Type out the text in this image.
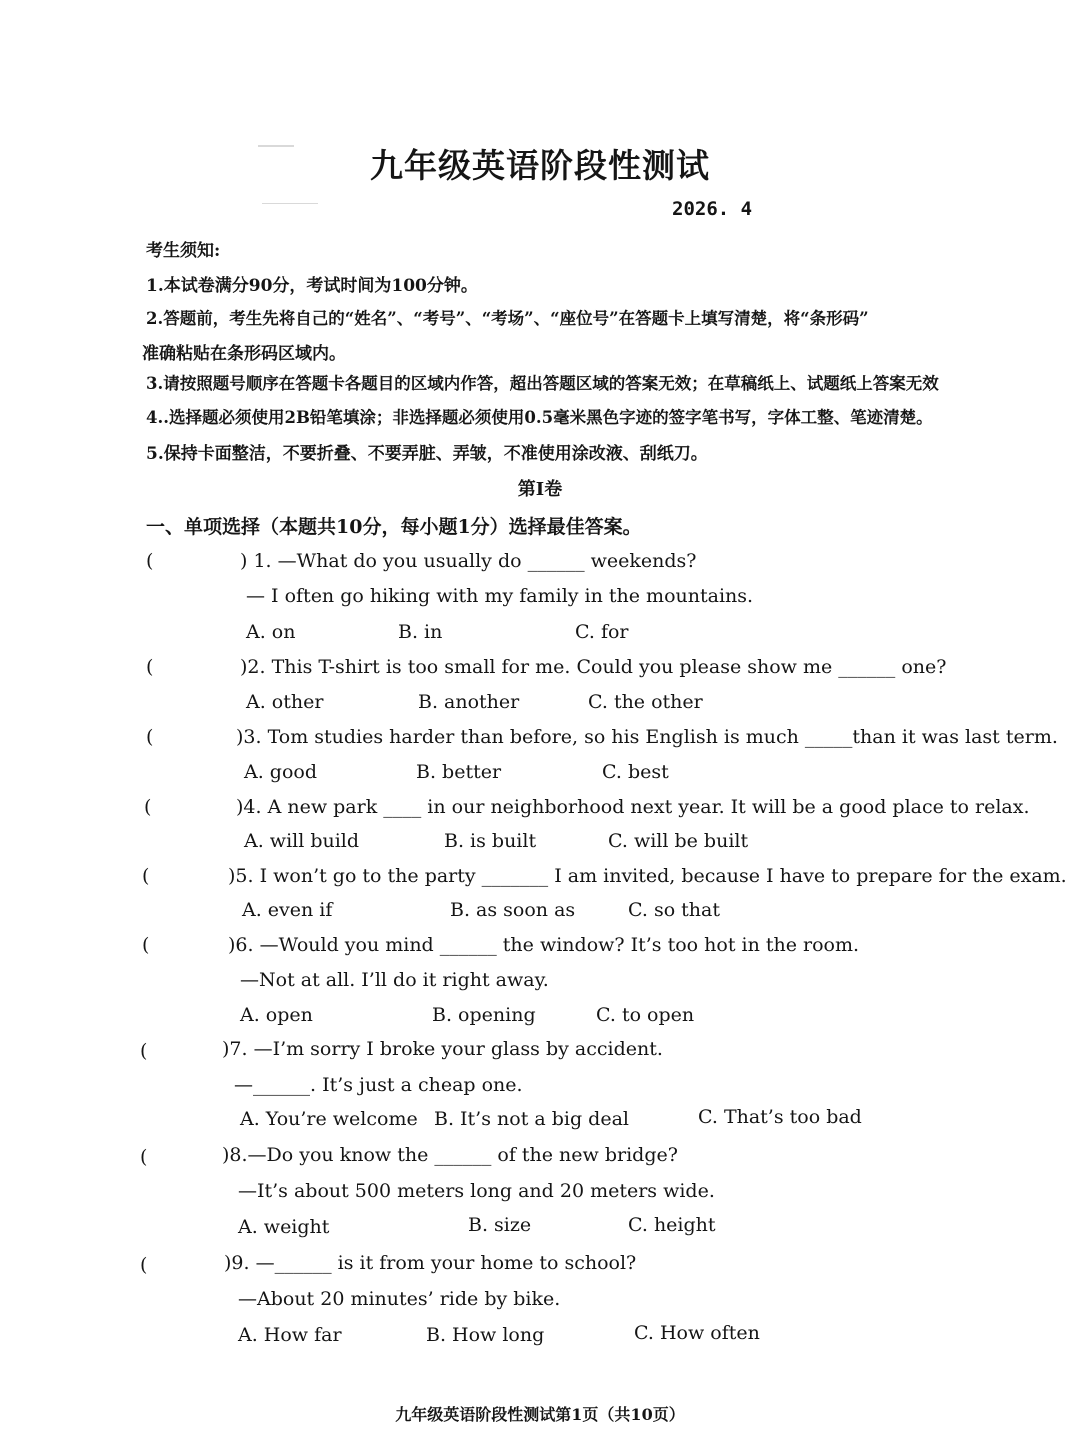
九年级英语阶段性测试
2026. 4
考生须知:
1.本试卷满分90分，考试时间为100分钟。
2.答题前，考生先将自己的“姓名”、“考号”、“考场”、“座位号”在答题卡上填写清楚，将“条形码”
准确粘贴在条形码区域内。
3.请按照题号顺序在答题卡各题目的区域内作答，超出答题区域的答案无效；在草稿纸上、试题纸上答案无效
4..选择题必须使用2B铅笔填涂；非选择题必须使用0.5毫米黑色字迹的签字笔书写，字体工整、笔迹清楚。
5.保持卡面整洁，不要折叠、不要弄脏、弄皱，不准使用涂改液、刮纸刀。
第Ⅰ卷
一、单项选择（本题共10分，每小题1分）选择最佳答案。
(	) 1. —What do you usually do ______ weekends?
— I often go hiking with my family in the mountains.
A. on	B. in	C. for
(	)2. This T-shirt is too small for me. Could you please show me ______ one?
A. other	B. another	C. the other
(	)3. Tom studies harder than before, so his English is much _____than it was last term.
A. good	B. better	C. best
(	)4. A new park ____ in our neighborhood next year. It will be a good place to relax.
A. will build	B. is built	C. will be built
(	)5. I won’t go to the party _______ I am invited, because I have to prepare for the exam.
A. even if	B. as soon as	C. so that
(	)6. —Would you mind ______ the window? It’s too hot in the room.
—Not at all. I’ll do it right away.
A. open	B. opening	C. to open
(	)7. —I’m sorry I broke your glass by accident.
—______. It’s just a cheap one.
A. You’re welcome B. It’s not a big deal	C. That’s too bad
(	)8.—Do you know the ______ of the new bridge?
—It’s about 500 meters long and 20 meters wide.
A. weight	B. size	C. height
(	)9. —______ is it from your home to school?
—About 20 minutes’ ride by bike.
A. How far	B. How long	C. How often
九年级英语阶段性测试第1页（共10页）
